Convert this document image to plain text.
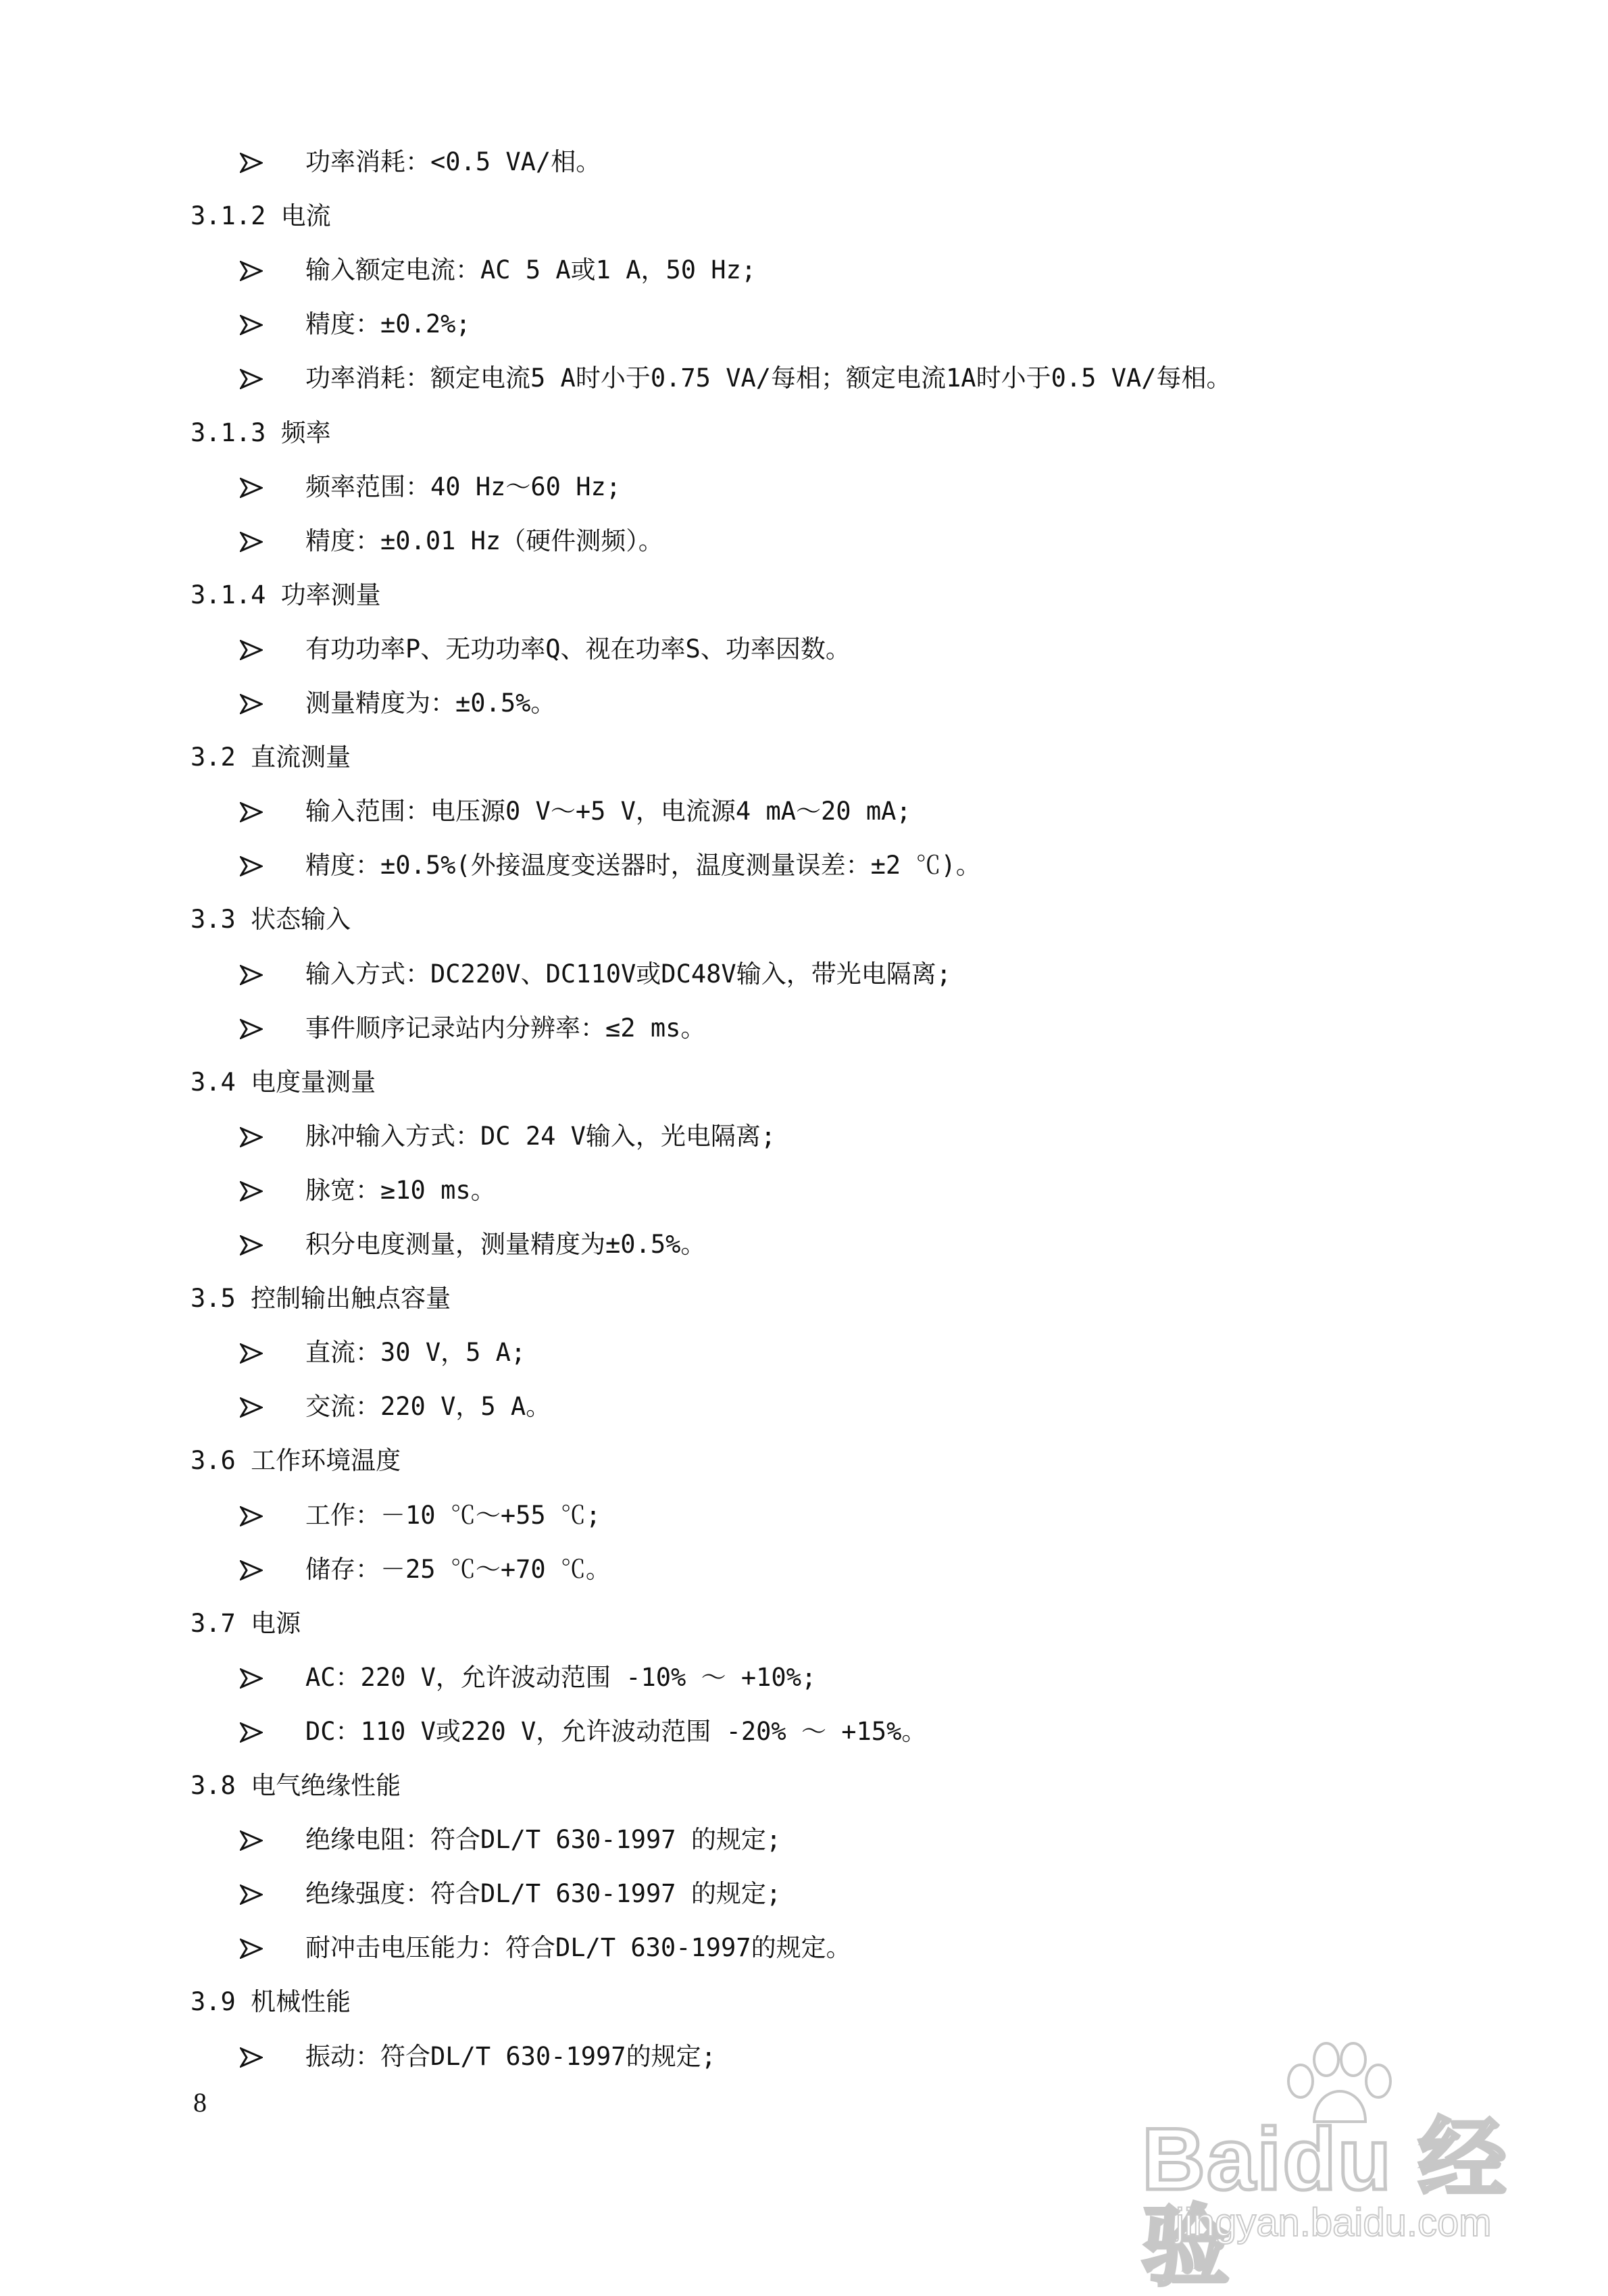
功率消耗：<0.5 VA/相。
3.1.2 电流
输入额定电流：AC 5 A或1 A，50 Hz;
精度：±0.2%;
功率消耗：额定电流5 A时小于0.75 VA/每相；额定电流1A时小于0.5 VA/每相。
3.1.3 频率
频率范围：40 Hz～60 Hz;
精度：±0.01 Hz（硬件测频）。
3.1.4 功率测量
有功功率P、无功功率Q、视在功率S、功率因数。
测量精度为：±0.5%。
3.2 直流测量
输入范围：电压源0 V～+5 V，电流源4 mA～20 mA;
精度：±0.5%(外接温度变送器时，温度测量误差：±2 ℃)。
3.3 状态输入
输入方式：DC220V、DC110V或DC48V输入，带光电隔离;
事件顺序记录站内分辨率：≤2 ms。
3.4 电度量测量
脉冲输入方式：DC 24 V输入，光电隔离;
脉宽：≥10 ms。
积分电度测量，测量精度为±0.5%。
3.5 控制输出触点容量
直流：30 V，5 A;
交流：220 V，5 A。
3.6 工作环境温度
工作：－10 ℃～+55 ℃;
储存：－25 ℃～+70 ℃。
3.7 电源
AC：220 V，允许波动范围 -10% ～ +10%;
DC：110 V或220 V，允许波动范围 -20% ～ +15%。
3.8 电气绝缘性能
绝缘电阻：符合DL/T 630-1997 的规定;
绝缘强度：符合DL/T 630-1997 的规定;
耐冲击电压能力：符合DL/T 630-1997的规定。
3.9 机械性能
振动：符合DL/T 630-1997的规定;
8
Baidu 经验
jingyan.baidu.com
